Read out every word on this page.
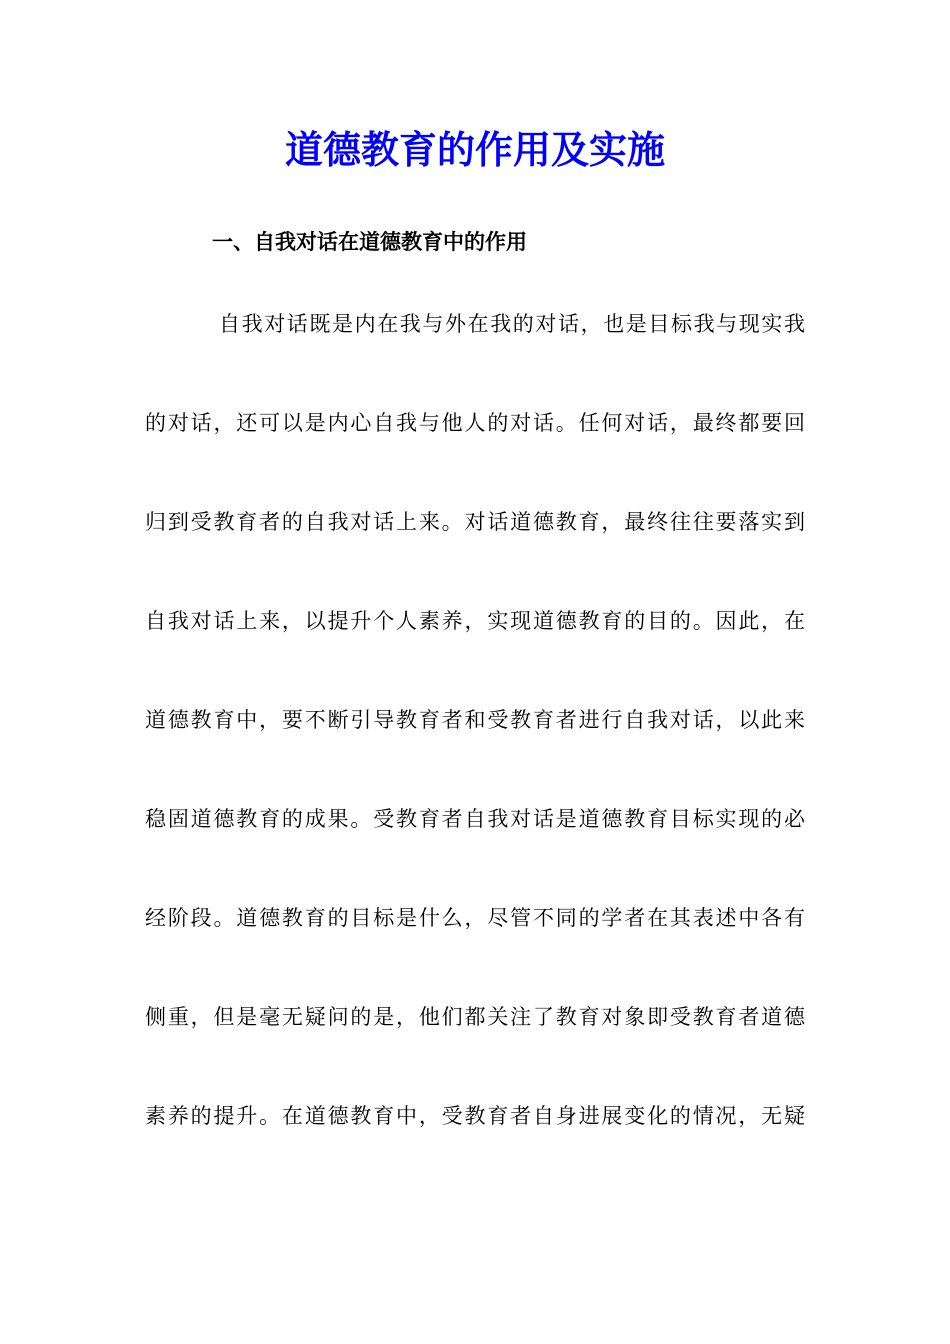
道德教育的作用及实施
一、自我对话在道德教育中的作用
自我对话既是内在我与外在我的对话，也是目标我与现实我
的对话，还可以是内心自我与他人的对话。任何对话，最终都要回
归到受教育者的自我对话上来。对话道德教育，最终往往要落实到
自我对话上来，以提升个人素养，实现道德教育的目的。因此，在
道德教育中，要不断引导教育者和受教育者进行自我对话，以此来
稳固道德教育的成果。受教育者自我对话是道德教育目标实现的必
经阶段。道德教育的目标是什么，尽管不同的学者在其表述中各有
侧重，但是毫无疑问的是，他们都关注了教育对象即受教育者道德
素养的提升。在道德教育中，受教育者自身进展变化的情况，无疑
